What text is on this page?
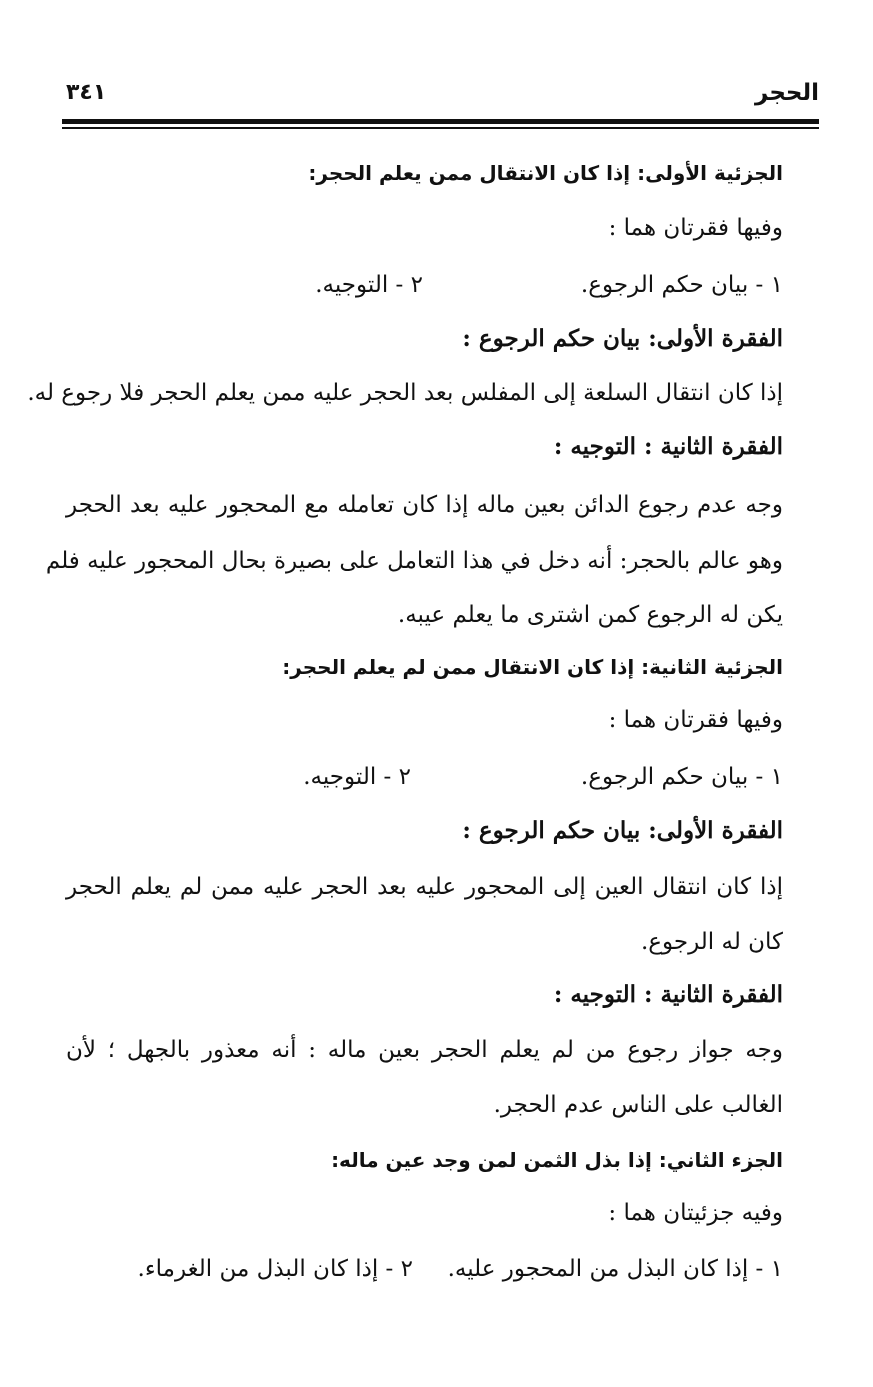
الحجر
٣٤١
الجزئية الأولى: إذا كان الانتقال ممن يعلم الحجر:
وفيها فقرتان هما :
١ - بيان حكم الرجوع.
٢ - التوجيه.
الفقرة الأولى: بيان حكم الرجوع :
إذا كان انتقال السلعة إلى المفلس بعد الحجر عليه ممن يعلم الحجر فلا رجوع له.
الفقرة الثانية : التوجيه :
وجه عدم رجوع الدائن بعين ماله إذا كان تعامله مع المحجور عليه بعد الحجر
وهو عالم بالحجر: أنه دخل في هذا التعامل على بصيرة بحال المحجور عليه فلم
يكن له الرجوع كمن اشترى ما يعلم عيبه.
الجزئية الثانية: إذا كان الانتقال ممن لم يعلم الحجر:
وفيها فقرتان هما :
١ - بيان حكم الرجوع.
٢ - التوجيه.
الفقرة الأولى: بيان حكم الرجوع :
إذا كان انتقال العين إلى المحجور عليه بعد الحجر عليه ممن لم يعلم الحجر
كان له الرجوع.
الفقرة الثانية : التوجيه :
وجه جواز رجوع من لم يعلم الحجر بعين ماله : أنه معذور بالجهل ؛ لأن
الغالب على الناس عدم الحجر.
الجزء الثاني: إذا بذل الثمن لمن وجد عين ماله:
وفيه جزئيتان هما :
١ - إذا كان البذل من المحجور عليه.
٢ - إذا كان البذل من الغرماء.
